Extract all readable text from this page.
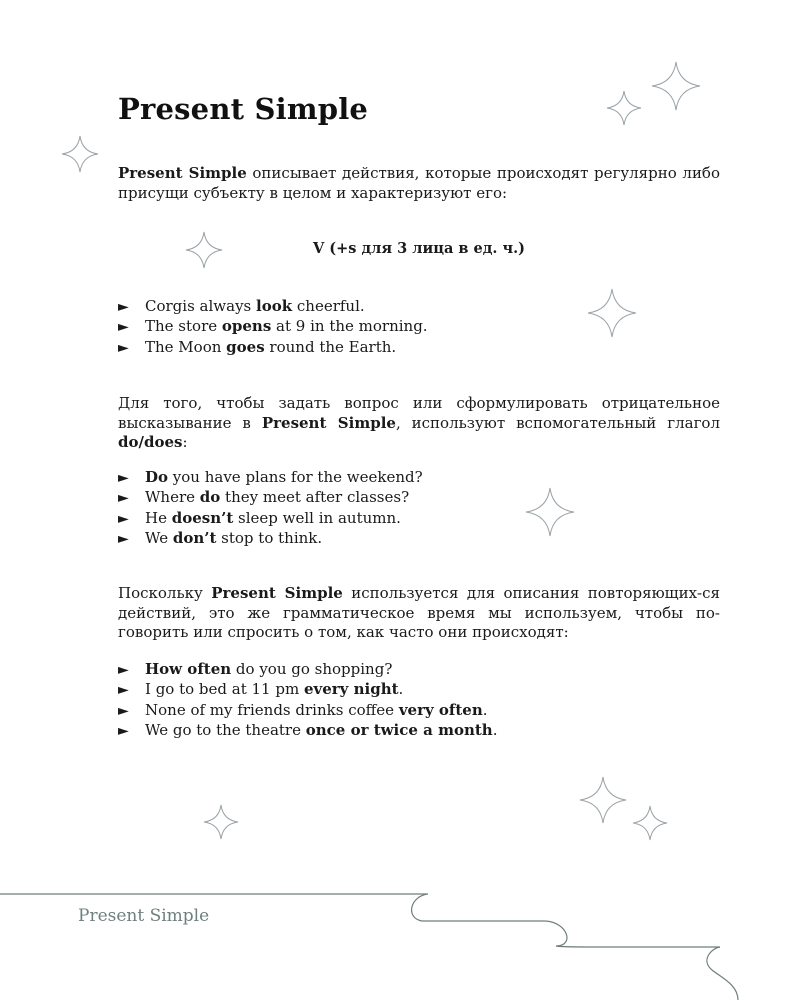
Present Simple

Present Simple описывает действия, которые происходят регулярно либо присущи субъекту в целом и характеризуют его:

V (+s для 3 лица в ед. ч.)
► Corgis always look cheerful.
► The store opens at 9 in the morning.
► The Moon goes round the Earth.

Для того, чтобы задать вопрос или сформулировать отрицательное высказывание в Present Simple, используют вспомогательный глагол do/does:

► Do you have plans for the weekend?
► Where do they meet after classes?
► He doesn’t sleep well in autumn.
► We don’t stop to think.

Поскольку Present Simple используется для описания повторяющих-ся действий, это же грамматическое время мы используем, чтобы по-говорить или спросить о том, как часто они происходят:

► How often do you go shopping?
► I go to bed at 11 pm every night.
► None of my friends drinks coffee very often.
► We go to the theatre once or twice a month.
Present Simple
